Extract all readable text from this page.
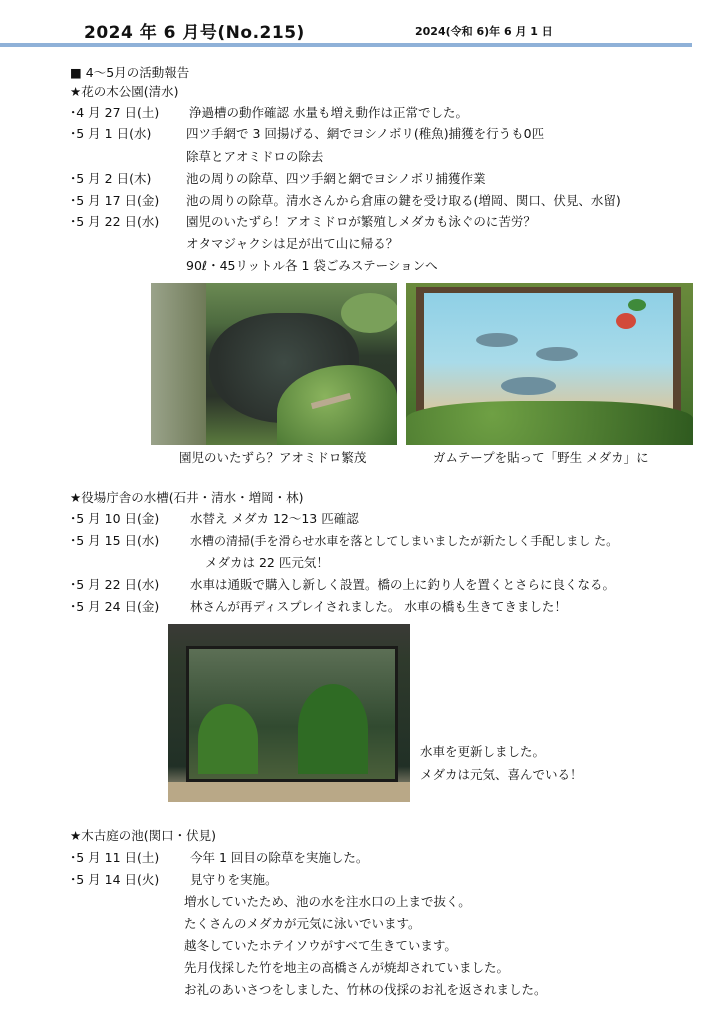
2024 年 6 月号(No.215)	2024(令和 6)年 6 月 1 日
■ 4～5月の活動報告
★花の木公園(清水)
･4 月 27 日(土) 浄過槽の動作確認 水量も増え動作は正常でした。
･5 月 1 日(水)	四ツ手網で 3 回揚げる、網でヨシノボリ(稚魚)捕獲を行うも0匹
除草とアオミドロの除去
･5 月 2 日(木)	池の周りの除草、四ツ手網と網でヨシノボリ捕獲作業
･5 月 17 日(金) 池の周りの除草。清水さんから倉庫の鍵を受け取る(増岡、関口、伏見、水留)
･5 月 22 日(水) 園児のいたずら！アオミドロが繁殖しメダカも泳ぐのに苦労？
オタマジャクシは足が出て山に帰る？
90ℓ・45リットル各 1 袋ごみステーションへ
園児のいたずら？アオミドロ繁茂	ガムテープを貼って「野生 メダカ」に
★役場庁舎の水槽(石井・清水・増岡・林)
･5 月 10 日(金) 水替え メダカ 12～13 匹確認
･5 月 15 日(水)	水槽の清掃(手を滑らせ水車を落としてしまいましたが新たしく手配しまし た。
メダカは 22 匹元気！
･5 月 22 日(水) 水車は通販で購入し新しく設置。橋の上に釣り人を置くとさらに良くなる。
･5 月 24 日(金) 林さんが再ディスプレイされました。 水車の橋も生きてきました！
水車を更新しました。
メダカは元気、喜んでいる！
★木古庭の池(関口・伏見)
･5 月 11 日(土) 今年 1 回目の除草を実施した。
･5 月 14 日(火) 見守りを実施。
増水していたため、池の水を注水口の上まで抜く。
たくさんのメダカが元気に泳いでいます。
越冬していたホテイソウがすべて生きています。
先月伐採した竹を地主の高橋さんが焼却されていました。
お礼のあいさつをしました、竹林の伐採のお礼を返されました。
